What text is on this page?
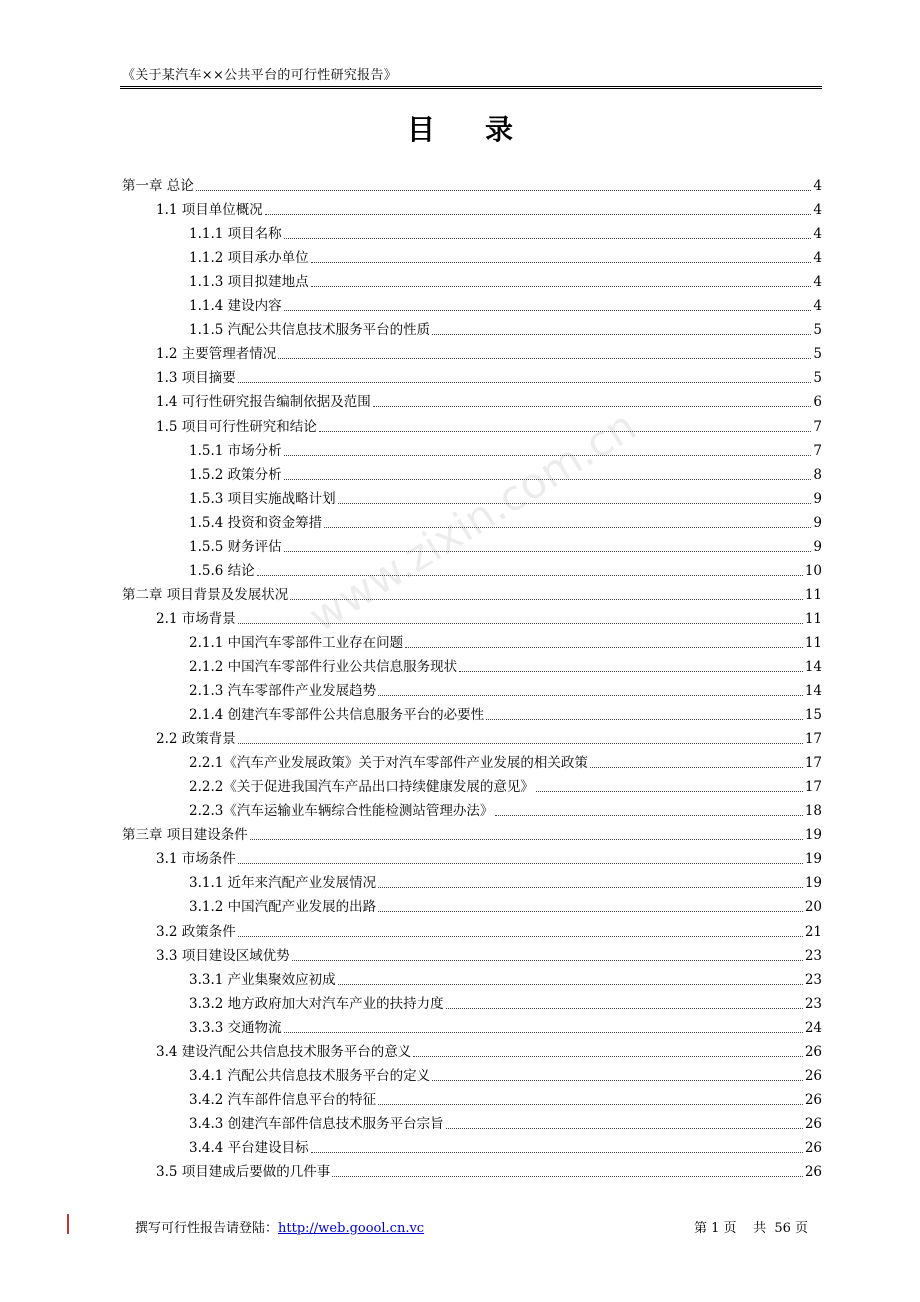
《关于某汽车××公共平台的可行性研究报告》
目录
www.zixin.com.cn
第一章 总论	4
1.1 项目单位概况	4
1.1.1 项目名称	4
1.1.2 项目承办单位	4
1.1.3 项目拟建地点	4
1.1.4 建设内容	4
1.1.5 汽配公共信息技术服务平台的性质	5
1.2 主要管理者情况	5
1.3 项目摘要	5
1.4 可行性研究报告编制依据及范围	6
1.5 项目可行性研究和结论	7
1.5.1 市场分析	7
1.5.2 政策分析	8
1.5.3 项目实施战略计划	9
1.5.4 投资和资金筹措	9
1.5.5 财务评估	9
1.5.6 结论	10
第二章 项目背景及发展状况	11
2.1 市场背景	11
2.1.1 中国汽车零部件工业存在问题	11
2.1.2 中国汽车零部件行业公共信息服务现状	14
2.1.3 汽车零部件产业发展趋势	14
2.1.4 创建汽车零部件公共信息服务平台的必要性	15
2.2 政策背景	17
2.2.1《汽车产业发展政策》关于对汽车零部件产业发展的相关政策	17
2.2.2《关于促进我国汽车产品出口持续健康发展的意见》	17
2.2.3《汽车运输业车辆综合性能检测站管理办法》	18
第三章 项目建设条件	19
3.1 市场条件	19
3.1.1 近年来汽配产业发展情况	19
3.1.2 中国汽配产业发展的出路	20
3.2 政策条件	21
3.3 项目建设区域优势	23
3.3.1 产业集聚效应初成	23
3.3.2 地方政府加大对汽车产业的扶持力度	23
3.3.3 交通物流	24
3.4 建设汽配公共信息技术服务平台的意义	26
3.4.1 汽配公共信息技术服务平台的定义	26
3.4.2 汽车部件信息平台的特征	26
3.4.3 创建汽车部件信息技术服务平台宗旨	26
3.4.4 平台建设目标	26
3.5 项目建成后要做的几件事	26
撰写可行性报告请登陆：http://web.goool.cn.vc	第 1 页    共  56 页
